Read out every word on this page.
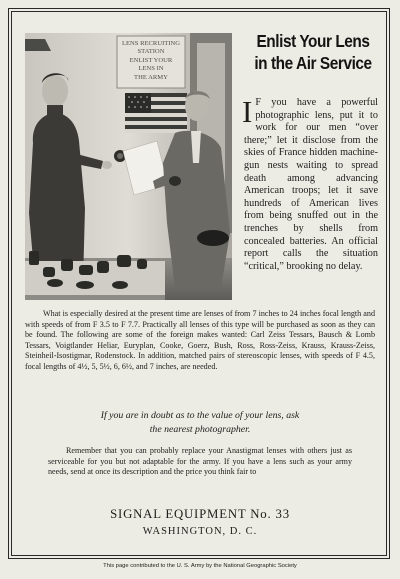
LENS RECRUITING
STATION
ENLIST YOUR
LENS IN
THE ARMY
Enlist Your Lens
in the Air Service

I F you have a powerful photographic lens, put it to work for our men “over there;” let it disclose from the skies of France hidden machine-gun nests waiting to spread death among advancing American troops; let it save hundreds of American lives from being snuffed out in the trenches by shells from concealed batteries. An official report calls the situation “critical,” brooking no delay.

What is especially desired at the present time are lenses of from 7 inches to 24 inches focal length and with speeds of from F 3.5 to F 7.7. Practically all lenses of this type will be purchased as soon as they can be found. The following are some of the foreign makes wanted: Carl Zeiss Tessars, Bausch & Lomb Tessars, Voigtlander Heliar, Euryplan, Cooke, Goerz, Bush, Ross, Ross-Zeiss, Krauss, Krauss-Zeiss, Steinheil-Isostigmar, Rodenstock. In addition, matched pairs of stereoscopic lenses, with speeds of F 4.5, focal lengths of 4½, 5, 5½, 6, 6½, and 7 inches, are needed.

If you are in doubt as to the value of your lens, ask
the nearest photographer.

Remember that you can probably replace your Anastigmat lenses with others just as serviceable for you but not adaptable for the army. If you have a lens such as your army needs, send at once its description and the price you think fair to

SIGNAL EQUIPMENT No. 33
WASHINGTON, D. C.
This page contributed to the U. S. Army by the National Geographic Society
